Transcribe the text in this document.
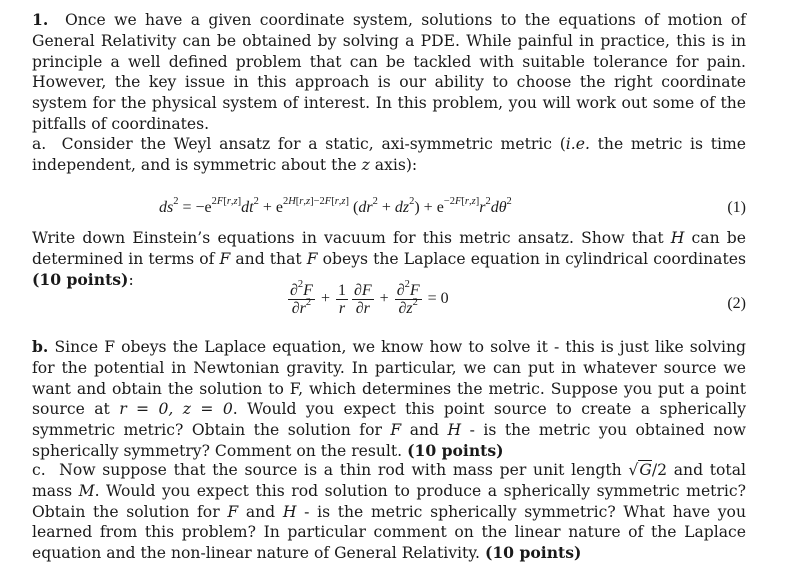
1. Once we have a given coordinate system, solutions to the equations of motion of General Relativity can be obtained by solving a PDE. While painful in practice, this is in principle a well defined problem that can be tackled with suitable tolerance for pain. However, the key issue in this approach is our ability to choose the right coordinate system for the physical system of interest. In this problem, you will work out some of the pitfalls of coordinates.

a. Consider the Weyl ansatz for a static, axi-symmetric metric (i.e. the metric is time independent, and is symmetric about the z axis):

$ds^2 = -e^{2F[r,z]}dt^2 + e^{2H[r,z]-2F[r,z]}$ $(dr^2 + dz^2) + e^{-2F[r,z]}r^2d\theta^2$	(1)

Write down Einstein’s equations in vacuum for this metric ansatz. Show that H can be determined in terms of F and that F obeys the Laplace equation in cylindrical coordinates (10 points):

$\frac{\partial^2F}{\partial r^2} + \frac{1}{r} \frac{\partial F}{\partial r} + \frac{\partial^2F}{\partial z^2} = 0$	(2)

b. Since F obeys the Laplace equation, we know how to solve it - this is just like solving for the potential in Newtonian gravity. In particular, we can put in whatever source we want and obtain the solution to F, which determines the metric. Suppose you put a point source at r = 0, z = 0. Would you expect this point source to create a spherically symmetric metric? Obtain the solution for F and H - is the metric you obtained now spherically symmetry? Comment on the result. (10 points)

c. Now suppose that the source is a thin rod with mass per unit length √G/2 and total mass M. Would you expect this rod solution to produce a spherically symmetric metric? Obtain the solution for F and H - is the metric spherically symmetric? What have you learned from this problem? In particular comment on the linear nature of the Laplace equation and the non-linear nature of General Relativity. (10 points)
